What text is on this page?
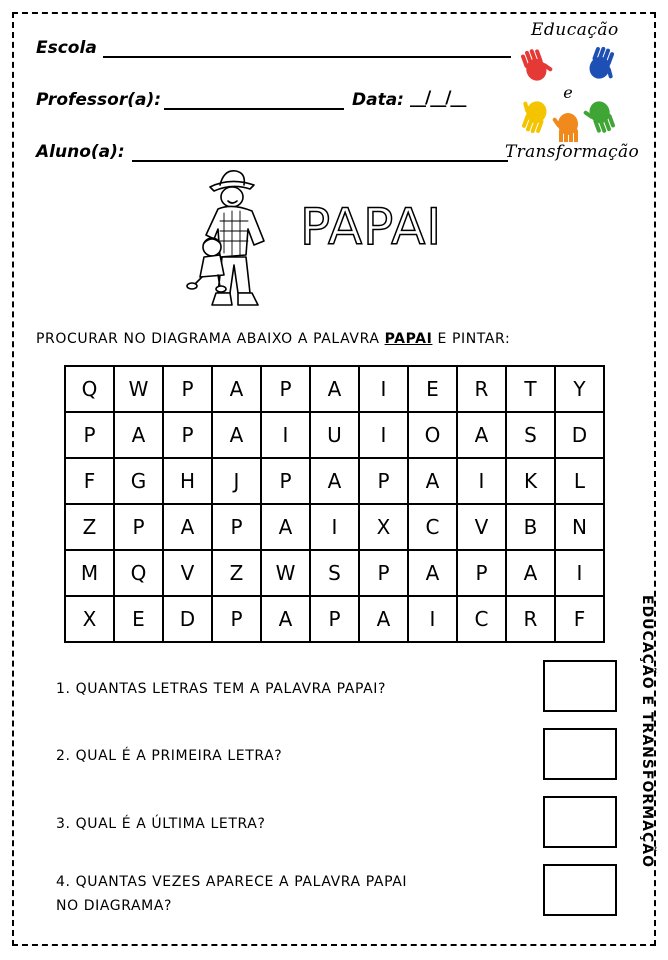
Escola
Professor(a):	Data: __/__/__
Aluno(a):
Educação
e
Transformação
PAPAI
PROCURAR NO DIAGRAMA ABAIXO A PALAVRA PAPAI E PINTAR:
Q	W	P	A	P	A	I	E	R	T	Y
P	A	P	A	I	U	I	O	A	S	D
F	G	H	J	P	A	P	A	I	K	L
Z	P	A	P	A	I	X	C	V	B	N
M	Q	V	Z	W	S	P	A	P	A	I
X	E	D	P	A	P	A	I	C	R	F
1. QUANTAS LETRAS TEM A PALAVRA PAPAI?
2. QUAL É A PRIMEIRA LETRA?
3. QUAL É A ÚLTIMA LETRA?
4. QUANTAS VEZES APARECE A PALAVRA PAPAI
NO DIAGRAMA?
EDUCAÇÃO E TRANSFORMAÇÃO
